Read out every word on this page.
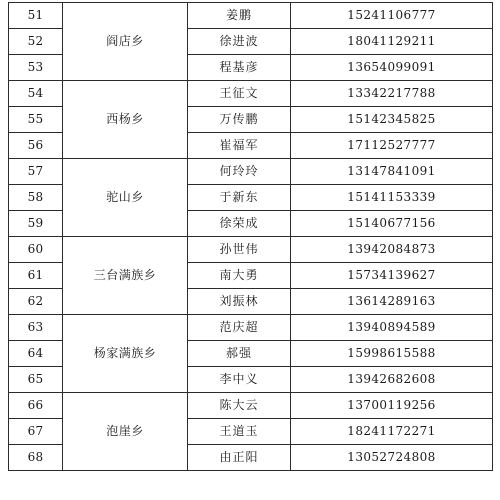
51	阎店乡	姜鹏	15241106777
52		徐进波	18041129211
53		程基彦	13654099091
54	西杨乡	王征文	13342217788
55		万传鹏	15142345825
56		崔福军	17112527777
57	驼山乡	何玲玲	13147841091
58		于新东	15141153339
59		徐荣成	15140677156
60	三台满族乡	孙世伟	13942084873
61		南大勇	15734139627
62		刘振林	13614289163
63	杨家满族乡	范庆超	13940894589
64		郝强	15998615588
65		李中义	13942682608
66	泡崖乡	陈大云	13700119256
67		王道玉	18241172271
68		由正阳	13052724808
